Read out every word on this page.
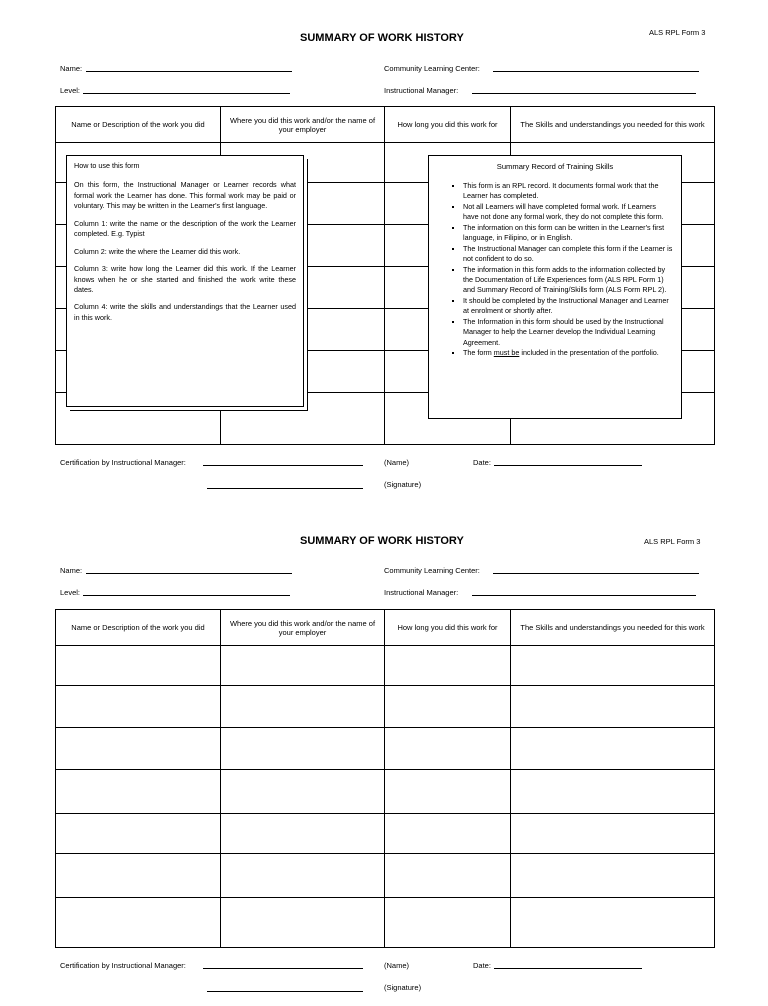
SUMMARY OF WORK HISTORY	ALS RPL Form 3
Name:	Community Learning Center:
Level:	Instructional Manager:
Name or Description of the work you did	Where you did this work and/or the name of your employer	How long you did this work for	The Skills and understandings you needed for this work

How to use this form

On this form, the Instructional Manager or Learner records what formal work the Learner has done. This formal work may be paid or voluntary. This may be written in the Learner's first language.

Column 1: write the name or the description of the work the Learner completed. E.g. Typist

Column 2: write the where the Learner did this work.

Column 3: write how long the Learner did this work. If the Learner knows when he or she started and finished the work write these dates.

Column 4: write the skills and understandings that the Learner used in this work.

Summary Record of Training Skills
▪ This form is an RPL record. It documents formal work that the Learner has completed.
▪ Not all Learners will have completed formal work. If Learners have not done any formal work, they do not complete this form.
▪ The information on this form can be written in the Learner's first language, in Filipino, or in English.
▪ The Instructional Manager can complete this form if the Learner is not confident to do so.
▪ The information in this form adds to the information collected by the Documentation of Life Experiences form (ALS RPL Form 1) and Summary Record of Training/Skills form (ALS Form RPL 2).
▪ It should be completed by the Instructional Manager and Learner at enrolment or shortly after.
▪ The Information in this form should be used by the Instructional Manager to help the Learner develop the Individual Learning Agreement.
▪ The form must be included in the presentation of the portfolio.
Certification by Instructional Manager:	(Name)	Date:
(Signature)
SUMMARY OF WORK HISTORY	ALS RPL Form 3
Name:	Community Learning Center:
Level:	Instructional Manager:
Name or Description of the work you did	Where you did this work and/or the name of your employer	How long you did this work for	The Skills and understandings you needed for this work

Certification by Instructional Manager:	(Name)	Date:
(Signature)
